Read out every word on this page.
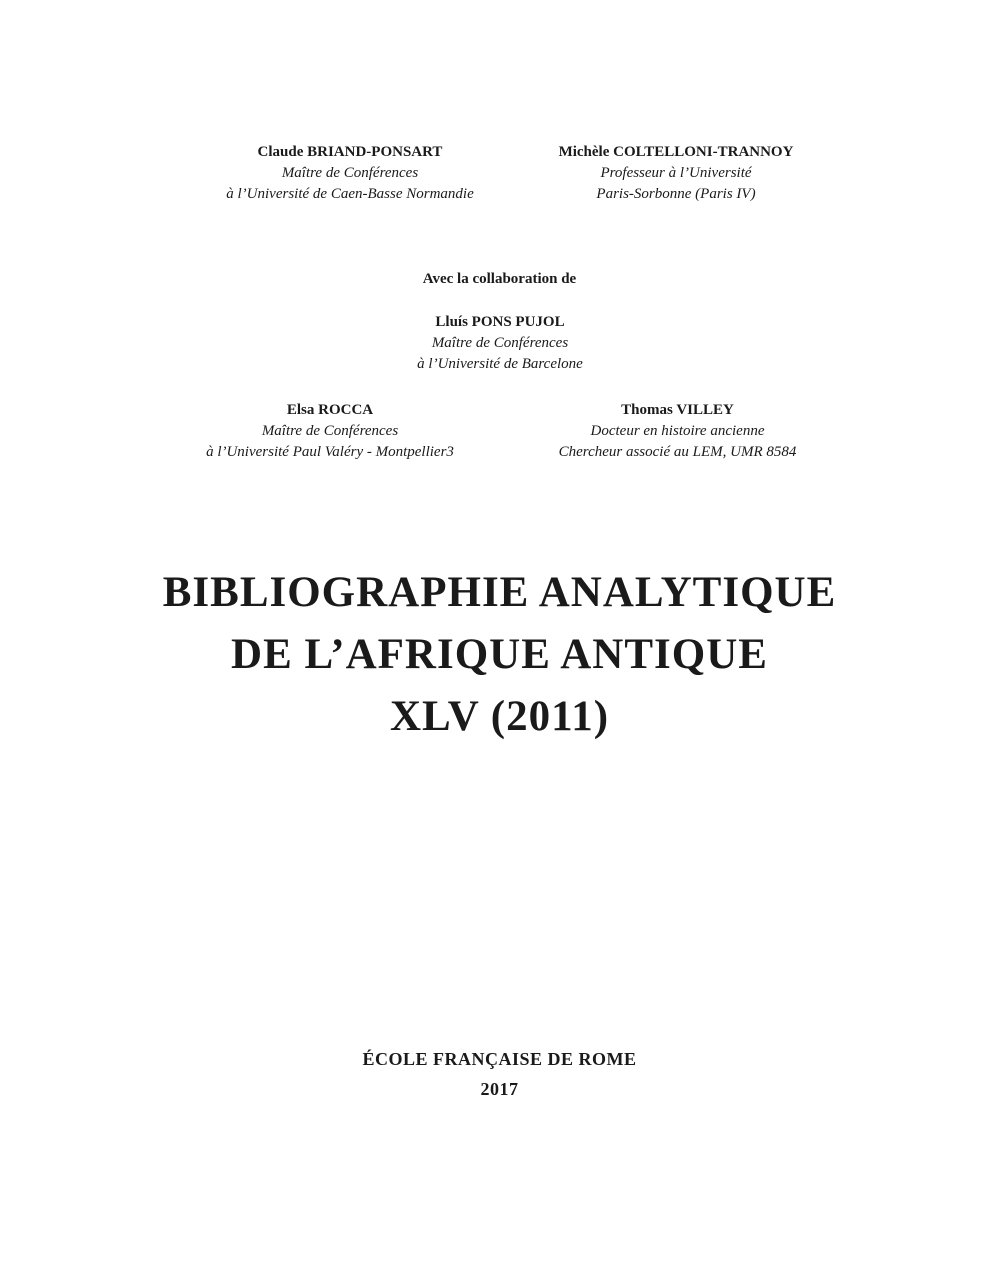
Claude BRIAND-PONSART
Maître de Conférences
à l’Université de Caen-Basse Normandie
Michèle COLTELLONI-TRANNOY
Professeur à l’Université
Paris-Sorbonne (Paris IV)
Avec la collaboration de
Lluís PONS PUJOL
Maître de Conférences
à l’Université de Barcelone
Elsa ROCCA
Maître de Conférences
à l’Université Paul Valéry - Montpellier3
Thomas VILLEY
Docteur en histoire ancienne
Chercheur associé au LEM, UMR 8584
BIBLIOGRAPHIE ANALYTIQUE
DE L’AFRIQUE ANTIQUE
XLV (2011)
ÉCOLE FRANÇAISE DE ROME
2017
